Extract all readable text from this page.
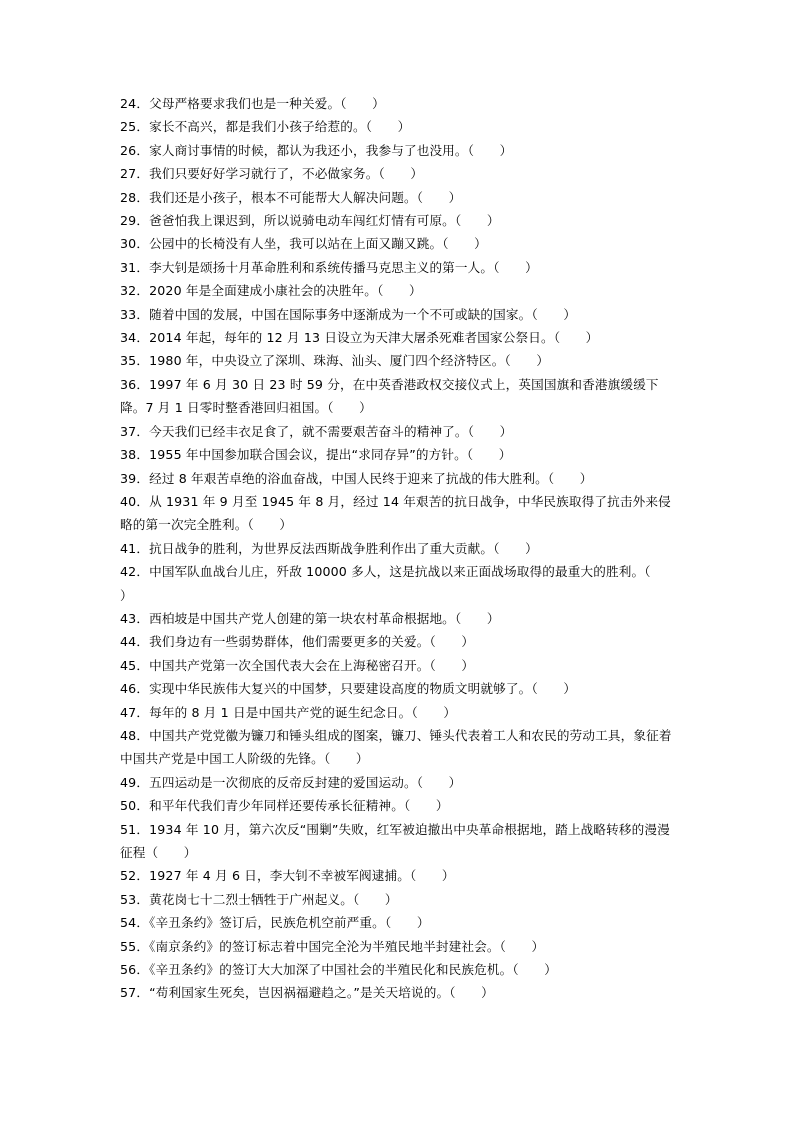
24．父母严格要求我们也是一种关爱。（　　）
25．家长不高兴，都是我们小孩子给惹的。（　　）
26．家人商讨事情的时候，都认为我还小，我参与了也没用。（　　）
27．我们只要好好学习就行了，不必做家务。（　　）
28．我们还是小孩子，根本不可能帮大人解决问题。（　　）
29．爸爸怕我上课迟到，所以说骑电动车闯红灯情有可原。（　　）
30．公园中的长椅没有人坐，我可以站在上面又蹦又跳。（　　）
31．李大钊是颂扬十月革命胜利和系统传播马克思主义的第一人。（　　）
32．2020 年是全面建成小康社会的决胜年。（　　）
33．随着中国的发展，中国在国际事务中逐渐成为一个不可或缺的国家。（　　）
34．2014 年起，每年的 12 月 13 日设立为天津大屠杀死难者国家公祭日。（　　）
35．1980 年，中央设立了深圳、珠海、汕头、厦门四个经济特区。（　　）
36．1997 年 6 月 30 日 23 时 59 分，在中英香港政权交接仪式上，英国国旗和香港旗缓缓下降。7 月 1 日零时整香港回归祖国。（　　）
37．今天我们已经丰衣足食了，就不需要艰苦奋斗的精神了。（　　）
38．1955 年中国参加联合国会议，提出“求同存异”的方针。（　　）
39．经过 8 年艰苦卓绝的浴血奋战，中国人民终于迎来了抗战的伟大胜利。（　　）
40．从 1931 年 9 月至 1945 年 8 月，经过 14 年艰苦的抗日战争，中华民族取得了抗击外来侵略的第一次完全胜利。（　　）
41．抗日战争的胜利，为世界反法西斯战争胜利作出了重大贡献。（　　）
42．中国军队血战台儿庄，歼敌 10000 多人，这是抗战以来正面战场取得的最重大的胜利。（　　）
43．西柏坡是中国共产党人创建的第一块农村革命根据地。（　　）
44．我们身边有一些弱势群体，他们需要更多的关爱。（　　）
45．中国共产党第一次全国代表大会在上海秘密召开。（　　）
46．实现中华民族伟大复兴的中国梦，只要建设高度的物质文明就够了。（　　）
47．每年的 8 月 1 日是中国共产党的诞生纪念日。（　　）
48．中国共产党党徽为镰刀和锤头组成的图案，镰刀、锤头代表着工人和农民的劳动工具，象征着中国共产党是中国工人阶级的先锋。（　　）
49．五四运动是一次彻底的反帝反封建的爱国运动。（　　）
50．和平年代我们青少年同样还要传承长征精神。（　　）
51．1934 年 10 月，第六次反“围剿”失败，红军被迫撤出中央革命根据地，踏上战略转移的漫漫征程（　　）
52．1927 年 4 月 6 日，李大钊不幸被军阀逮捕。（　　）
53．黄花岗七十二烈士牺牲于广州起义。（　　）
54．《辛丑条约》签订后，民族危机空前严重。（　　）
55．《南京条约》的签订标志着中国完全沦为半殖民地半封建社会。（　　）
56．《辛丑条约》的签订大大加深了中国社会的半殖民化和民族危机。（　　）
57．“苟利国家生死矣，岂因祸福避趋之。”是关天培说的。（　　）
